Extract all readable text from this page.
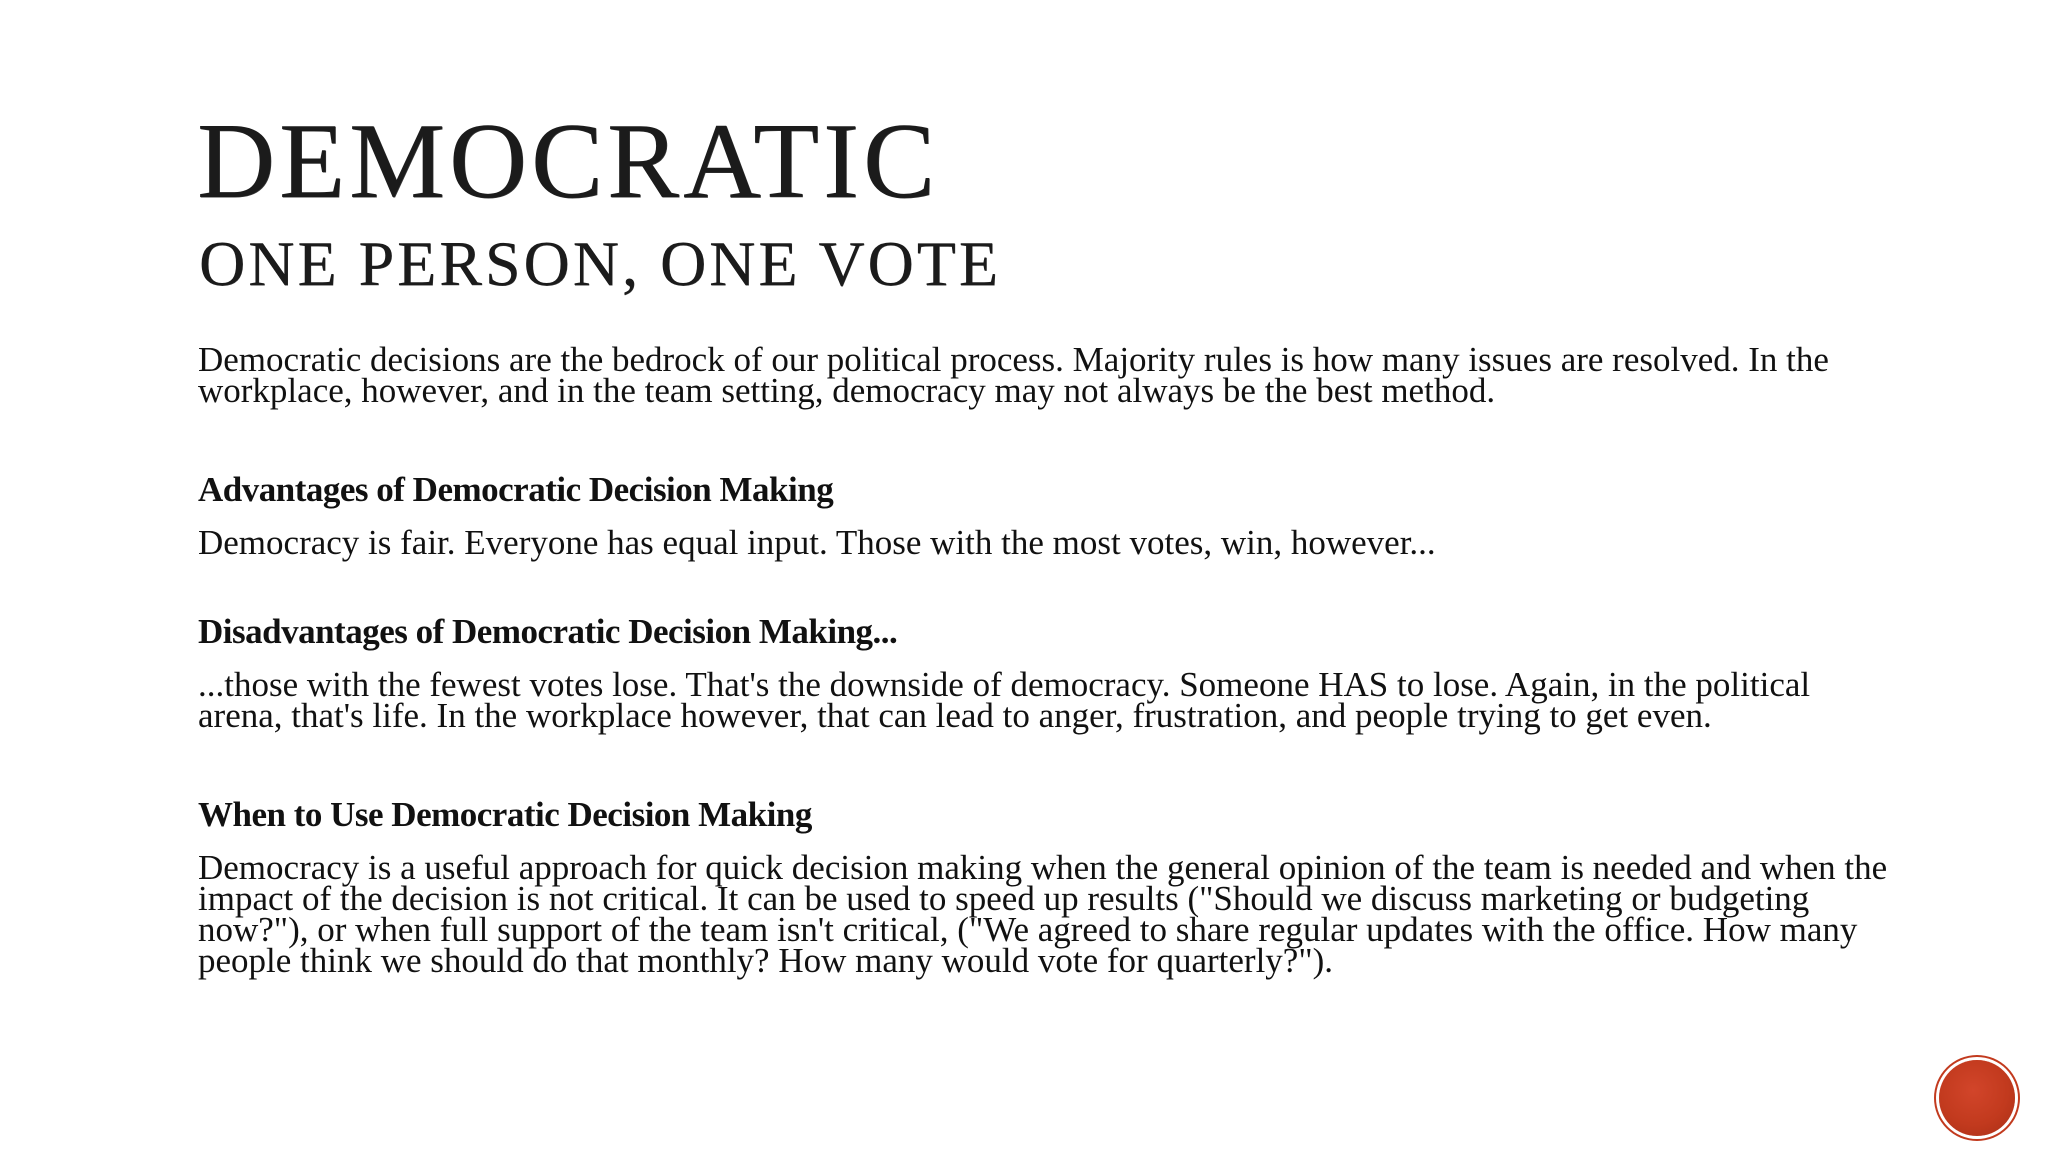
DEMOCRATIC
ONE PERSON, ONE VOTE

Democratic decisions are the bedrock of our political process. Majority rules is how many issues are resolved. In the workplace, however, and in the team setting, democracy may not always be the best method.

Advantages of Democratic Decision Making

Democracy is fair. Everyone has equal input. Those with the most votes, win, however...

Disadvantages of Democratic Decision Making...

...those with the fewest votes lose. That's the downside of democracy. Someone HAS to lose. Again, in the political arena, that's life. In the workplace however, that can lead to anger, frustration, and people trying to get even.

When to Use Democratic Decision Making

Democracy is a useful approach for quick decision making when the general opinion of the team is needed and when the impact of the decision is not critical. It can be used to speed up results ("Should we discuss marketing or budgeting now?"), or when full support of the team isn't critical, ("We agreed to share regular updates with the office. How many people think we should do that monthly? How many would vote for quarterly?").
